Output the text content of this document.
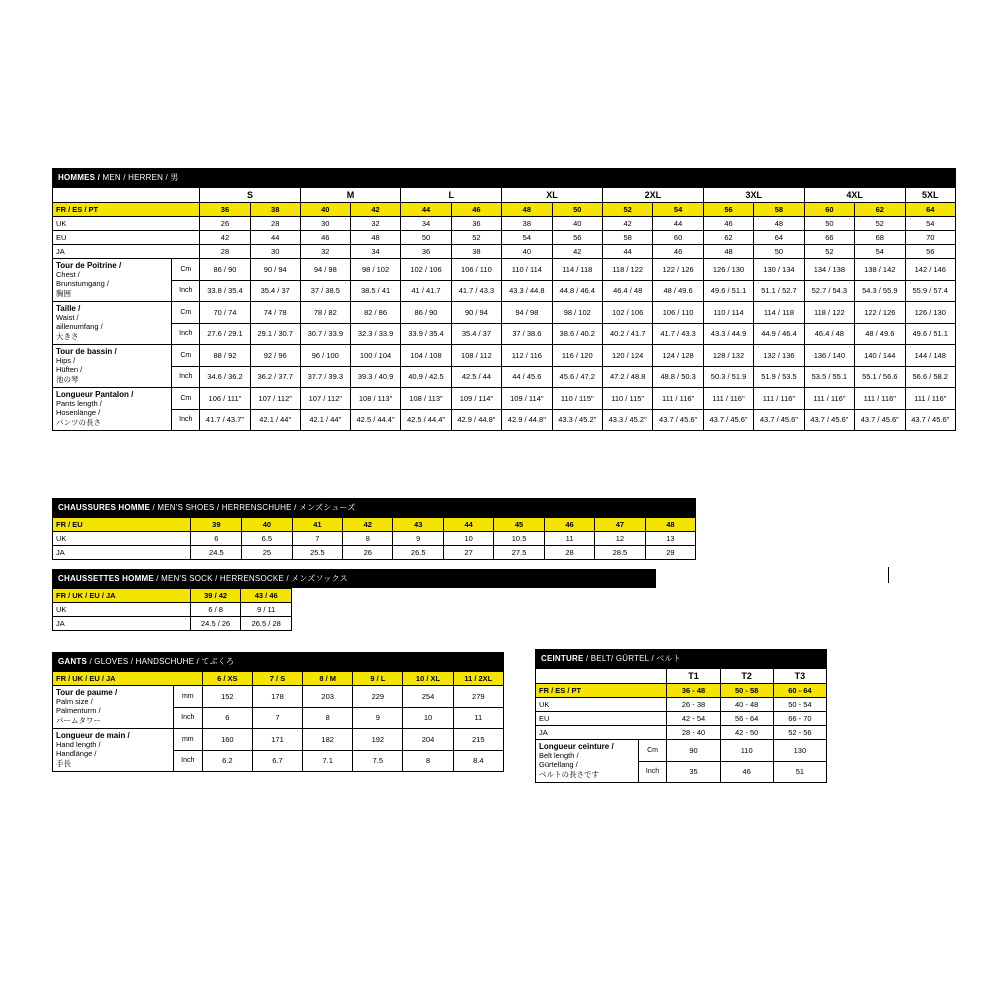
HOMMES / MEN / HERREN / 男
		S		M		L		XL		2XL		3XL		4XL		5XL
FR / ES / PT		36	38	40	42	44	46	48	50	52	54	56	58	60	62	64
UK		26	28	30	32	34	36	38	40	42	44	46	48	50	52	54
EU		42	44	46	48	50	52	54	56	58	60	62	64	66	68	70
JA		28	30	32	34	36	38	40	42	44	46	48	50	52	54	56
Tour de Poitrine /
Chest /
Brunstumgang /
胸囲	Cm	86 / 90	90 / 94	94 / 98	98 / 102	102 / 106	106 / 110	110 / 114	114 / 118	118 / 122	122 / 126	126 / 130	130 / 134	134 / 138	138 / 142	142 / 146
	Inch	33.8 / 35.4	35.4 / 37	37 / 38.5	38.5 / 41	41 / 41.7	41.7 / 43.3	43.3 / 44.8	44.8 / 46.4	46.4 / 48	48 / 49.6	49.6 / 51.1	51.1 / 52.7	52.7 / 54.3	54.3 / 55.9	55.9 / 57.4
Taille /
Waist /
aillenumfang /
大きさ	Cm	70 / 74	74 / 78	78 / 82	82 / 86	86 / 90	90 / 94	94 / 98	98 / 102	102 / 106	106 / 110	110 / 114	114 / 118	118 / 122	122 / 126	126 / 130
	Inch	27.6 / 29.1	29.1 / 30.7	30.7 / 33.9	32.3 / 33.9	33.9 / 35.4	35.4 / 37	37 / 38.6	38.6 / 40.2	40.2 / 41.7	41.7 / 43.3	43.3 / 44.9	44.9 / 46.4	46.4 / 48	48 / 49.6	49.6 / 51.1
Tour de bassin /
Hips /
Hüften /
池の琴	Cm	88 / 92	92 / 96	96 / 100	100 / 104	104 / 108	108 / 112	112 / 116	116 / 120	120 / 124	124 / 128	128 / 132	132 / 136	136 / 140	140 / 144	144 / 148
	Inch	34.6 / 36.2	36.2 / 37.7	37.7 / 39.3	39.3 / 40.9	40.9 / 42.5	42.5 / 44	44 / 45.6	45.6 / 47.2	47.2 / 48.8	48.8 / 50.3	50.3 / 51.9	51.9 / 53.5	53.5 / 55.1	55.1 / 56.6	56.6 / 58.2
Longueur Pantalon /
Pants length /
Hosenlänge /
パンツの長さ	Cm	106 / 111"	107 / 112"	107 / 112"	108 / 113"	108 / 113"	109 / 114"	109 / 114"	110 / 115"	110 / 115"	111 / 116"	111 / 116"	111 / 116"	111 / 116"	111 / 116"	111 / 116"
	Inch	41.7 / 43.7"	42.1 / 44"	42.1 / 44"	42.5 / 44.4"	42.5 / 44.4"	42.9 / 44.8"	42.9 / 44.8"	43.3 / 45.2"	43.3 / 45.2"	43.7 / 45.6"	43.7 / 45.6"	43.7 / 45.6"	43.7 / 45.6"	43.7 / 45.6"	43.7 / 45.6"
CHAUSSURES HOMME / MEN'S SHOES / HERRENSCHUHE / メンズシューズ
FR / EU	39	40	41	42	43	44	45	46	47	48
UK	6	6.5	7	8	9	10	10.5	11	12	13
JA	24.5	25	25.5	26	26.5	27	27.5	28	28.5	29
CHAUSSETTES HOMME / MEN'S SOCK / HERRENSOCKE / メンズソックス
FR / UK / EU / JA	39 / 42	43 / 46
UK	6 / 8	9 / 11
JA	24.5 / 26	26.5 / 28
GANTS / GLOVES / HANDSCHUHE / てぶくろ
FR / UK / EU / JA		6 / XS	7 / S	8 / M	9 / L	10 / XL	11 / 2XL
Tour de paume /
Palm size /
Palmenturm /
パームタワー	mm	152	178	203	229	254	279
	Inch	6	7	8	9	10	11
Longueur de main /
Hand length /
Handlänge /
手長	mm	160	171	182	192	204	215
	Inch	6.2	6.7	7.1	7.5	8	8.4
CEINTURE / BELT/ GÜRTEL / ベルト
		T1	T2	T3
FR / ES / PT		36 - 48	50 - 58	60 - 64
UK		26 - 38	40 - 48	50 - 54
EU		42 - 54	56 - 64	66 - 70
JA		28 - 40	42 - 50	52 - 56
Longueur ceinture /
Belt length /
Gürtellang /
ベルトの長さです	Cm	90	110	130
	Inch	35	46	51
